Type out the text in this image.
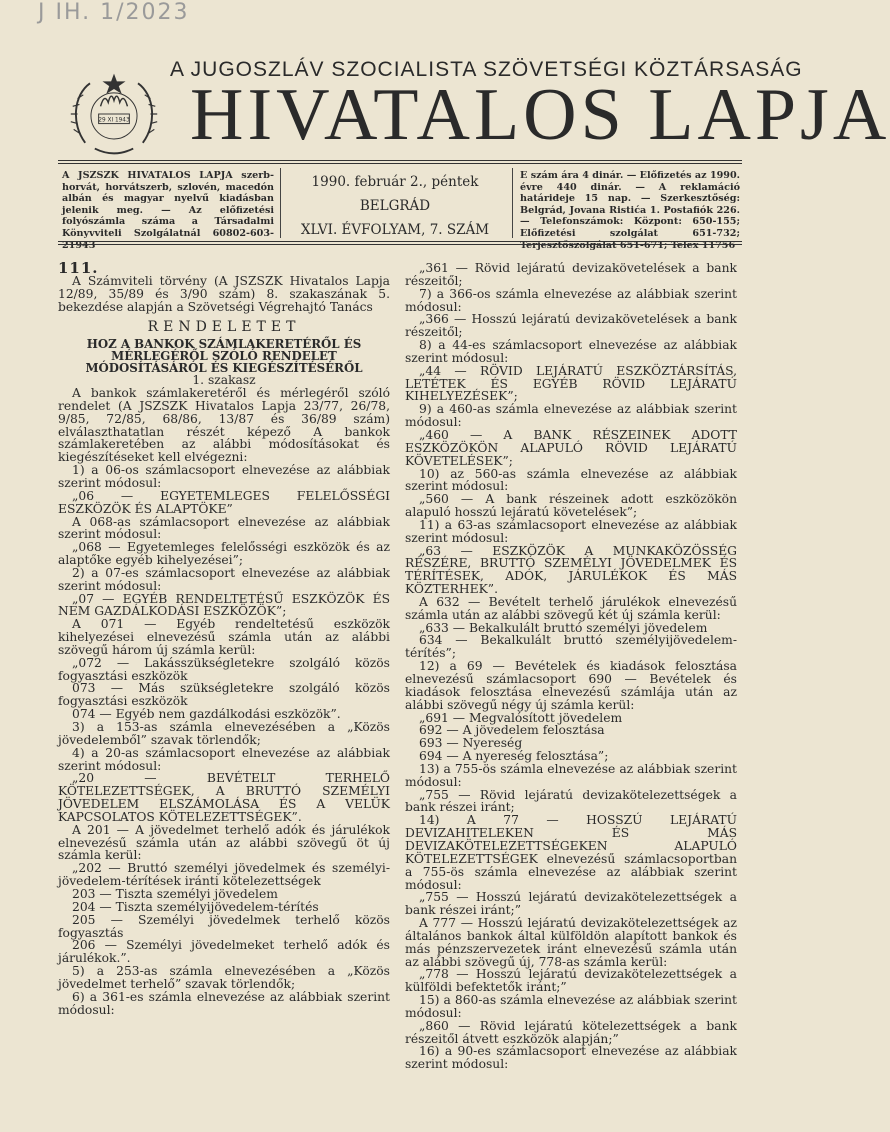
J IH. 1/2023
29 XI 1943
A JUGOSZLÁV SZOCIALISTA SZÖVETSÉGI KÖZTÁRSASÁG
HIVATALOS LAPJA
A JSZSZK HIVATALOS LAPJA szerb-horvát, horvátszerb, szlovén, macedón albán és magyar nyelvű kiadásban jelenik meg. — Az előfizetési folyószámla száma a Társadalmi Könyvviteli Szolgálatnál 60802-603-21943
1990. február 2., péntek
BELGRÁD
XLVI. ÉVFOLYAM, 7. SZÁM
E szám ára 4 dinár. — Előfizetés az 1990. évre 440 dinár. — A reklamáció határideje 15 nap. — Szerkesztőség: Belgrád, Jovana Ristića 1. Postafiók 226. — Telefonszámok: Központ: 650-155; Előfizetési szolgálat 651-732; Terjesztőszolgálat 651-671; Telex 11756

111.

A Számviteli törvény (A JSZSZK Hivatalos Lapja 12/89, 35/89 és 3/90 szám) 8. szakaszának 5. bekezdése alapján a Szövetségi Végrehajtó Tanács

RENDELETET

HOZ A BANKOK SZÁMLAKERETÉRŐL ÉS MÉRLEGÉRŐL SZÓLÓ RENDELET MÓDOSÍTÁSÁRÓL ÉS KIEGÉSZÍTÉSÉRŐL

1. szakasz

A bankok számlakeretéről és mérlegéről szóló rendelet (A JSZSZK Hivatalos Lapja 23/77, 26/78, 9/85, 72/85, 68/86, 13/87 és 36/89 szám) elválaszthatatlan részét képező A bankok számlakeretében az alábbi módosításokat és kiegészítéseket kell elvégezni:

1) a 06-os számlacsoport elnevezése az alábbiak szerint módosul:

„06 — EGYETEMLEGES FELELŐSSÉGI ESZKÖZÖK ÉS ALAPTÖKE”

A 068-as számlacsoport elnevezése az alábbiak szerint módosul:

„068 — Egyetemleges felelősségi eszközök és az alaptőke egyéb kihelyezései”;

2) a 07-es számlacsoport elnevezése az alábbiak szerint módosul:

„07 — EGYÉB RENDELTETÉSŰ ESZKÖZÖK ÉS NEM GAZDÁLKODÁSI ESZKÖZÖK”;

A 071 — Egyéb rendeltetésű eszközök kihelyezései elnevezésű számla után az alábbi szövegű három új számla kerül:

„072 — Lakásszükségletekre szolgáló közös fogyasztási eszközök

073 — Más szükségletekre szolgáló közös fogyasztási eszközök

074 — Egyéb nem gazdálkodási eszközök”.

3) a 153-as számla elnevezésében a „Közös jövedelemből” szavak törlendők;

4) a 20-as számlacsoport elnevezése az alábbiak szerint módosul:

„20 — BEVÉTELT TERHELŐ KÖTELEZETTSÉGEK, A BRUTTÓ SZEMÉLYI JÖVEDELEM ELSZÁMOLÁSA ÉS A VELÜK KAPCSOLATOS KÖTELEZETTSÉGEK”.

A 201 — A jövedelmet terhelő adók és járulékok elnevezésű számla után az alábbi szövegű öt új számla kerül:

„202 — Bruttó személyi jövedelmek és személyi-jövedelem-térítések iránti kötelezettségek

203 — Tiszta személyi jövedelem

204 — Tiszta személyijövedelem-térítés

205 — Személyi jövedelmek terhelő közös fogyasztás

206 — Személyi jövedelmeket terhelő adók és járulékok.”.

5) a 253-as számla elnevezésében a „Közös jövedelmet terhelő” szavak törlendők;

6) a 361-es számla elnevezése az alábbiak szerint módosul:

„361 — Rövid lejáratú devizakövetelések a bank részeitől;

7) a 366-os számla elnevezése az alábbiak szerint módosul:

„366 — Hosszú lejáratú devizakövetelések a bank részeitől;

8) a 44-es számlacsoport elnevezése az alábbiak szerint módosul:

„44 — RÖVID LEJÁRATÚ ESZKÖZTÁRSÍTÁS, LETÉTEK ÉS EGYÉB RÖVID LEJÁRATÚ KIHELYEZÉSEK”;

9) a 460-as számla elnevezése az alábbiak szerint módosul:

„460 — A BANK RÉSZEINEK ADOTT ESZKÖZÖKÖN ALAPULÓ RÖVID LEJÁRATÚ KÖVETELÉSEK”;

10) az 560-as számla elnevezése az alábbiak szerint módosul:

„560 — A bank részeinek adott eszközökön alapuló hosszú lejáratú követelések”;

11) a 63-as számlacsoport elnevezése az alábbiak szerint módosul:

„63 — ESZKÖZÖK A MUNKAKÖZÖSSÉG RÉSZÉRE, BRUTTÓ SZEMÉLYI JÖVEDELMEK ÉS TÉRÍTÉSEK, ADÓK, JÁRULÉKOK ÉS MÁS KÖZTERHEK”.

A 632 — Bevételt terhelő járulékok elnevezésű számla után az alábbi szövegű két új számla kerül:

„633 — Bekalkulált bruttó személyi jövedelem

634 — Bekalkulált bruttó személyijövedelem-térítés”;

12) a 69 — Bevételek és kiadások felosztása elnevezésű számlacsoport 690 — Bevételek és kiadások felosztása elnevezésű számlája után az alábbi szövegű négy új számla kerül:

„691 — Megvalósított jövedelem

692 — A jövedelem felosztása

693 — Nyereség

694 — A nyereség felosztása”;

13) a 755-ös számla elnevezése az alábbiak szerint módosul:

„755 — Rövid lejáratú devizakötelezettségek a bank részei iránt;

14) A 77 — HOSSZÚ LEJÁRATÚ DEVIZAHITELEKEN ÉS MÁS DEVIZAKÖTELEZETTSÉGEKEN ALAPULÓ KÖTELEZETTSÉGEK elnevezésű számlacsoportban a 755-ös számla elnevezése az alábbiak szerint módosul:

„755 — Hosszú lejáratú devizakötelezettségek a bank részei iránt;”

A 777 — Hosszú lejáratú devizakötelezettségek az általános bankok által külföldön alapított bankok és más pénzszervezetek iránt elnevezésű számla után az alábbi szövegű új, 778-as számla kerül:

„778 — Hosszú lejáratú devizakötelezettségek a külföldi befektetők iránt;”

15) a 860-as számla elnevezése az alábbiak szerint módosul:

„860 — Rövid lejáratú kötelezettségek a bank részeitől átvett eszközök alapján;”

16) a 90-es számlacsoport elnevezése az alábbiak szerint módosul:
